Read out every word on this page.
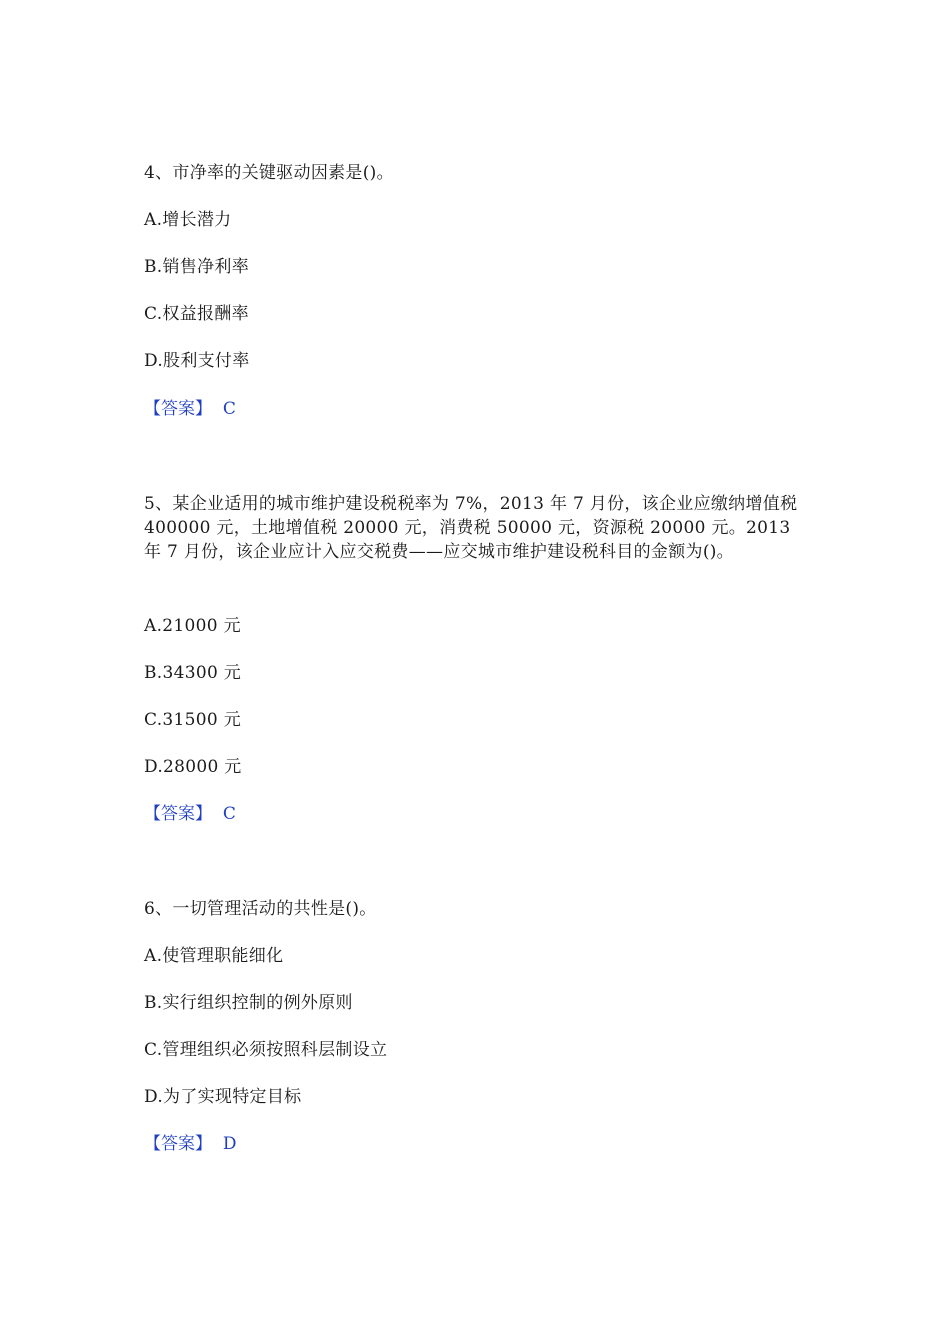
4、市净率的关键驱动因素是()。

A.增长潜力

B.销售净利率

C.权益报酬率

D.股利支付率

【答案】 C

5、某企业适用的城市维护建设税税率为 7%，2013 年 7 月份，该企业应缴纳增值税 400000 元，土地增值税 20000 元，消费税 50000 元，资源税 20000 元。2013 年 7 月份，该企业应计入应交税费——应交城市维护建设税科目的金额为()。

A.21000 元

B.34300 元

C.31500 元

D.28000 元

【答案】 C

6、一切管理活动的共性是()。

A.使管理职能细化

B.实行组织控制的例外原则

C.管理组织必须按照科层制设立

D.为了实现特定目标

【答案】 D
